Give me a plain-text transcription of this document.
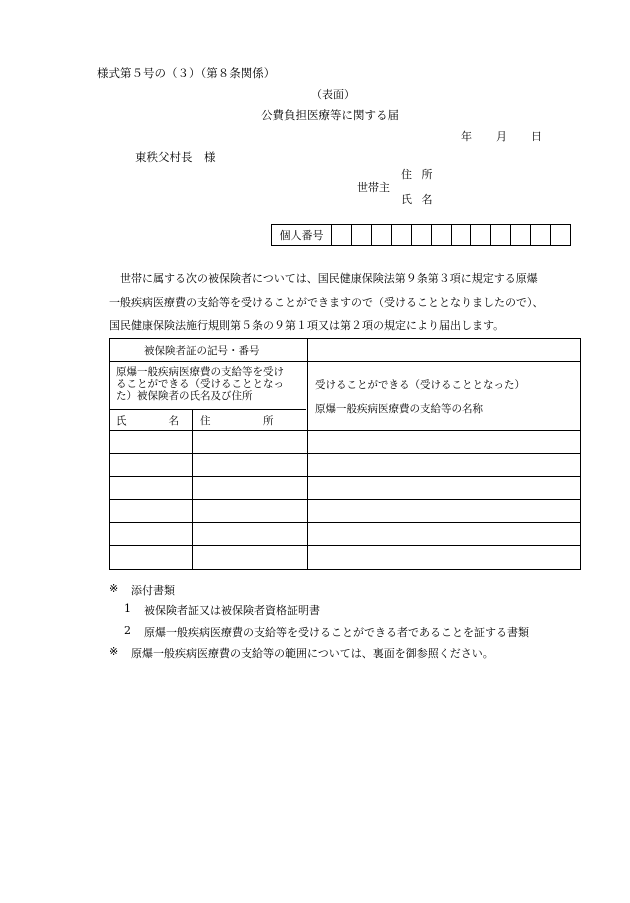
様式第５号の（３）（第８条関係）
（表面）
公費負担医療等に関する届
年 月 日
東秩父村長　様
住 所
世帯主
氏 名
個人番号
世帯に属する次の被保険者については、国民健康保険法第９条第３項に規定する原爆
一般疾病医療費の支給等を受けることができますので（受けることとなりましたので）、
国民健康保険法施行規則第５条の９第１項又は第２項の規定により届出します。
被保険者証の記号・番号
原爆一般疾病医療費の支給等を受け
ることができる（受けることとなっ
た）被保険者の氏名及び住所
氏　　　　名 住　　　　　所
受けることができる（受けることとなった）
原爆一般疾病医療費の支給等の名称
※ 添付書類
1 被保険者証又は被保険者資格証明書
2 原爆一般疾病医療費の支給等を受けることができる者であることを証する書類
※ 原爆一般疾病医療費の支給等の範囲については、裏面を御参照ください。
